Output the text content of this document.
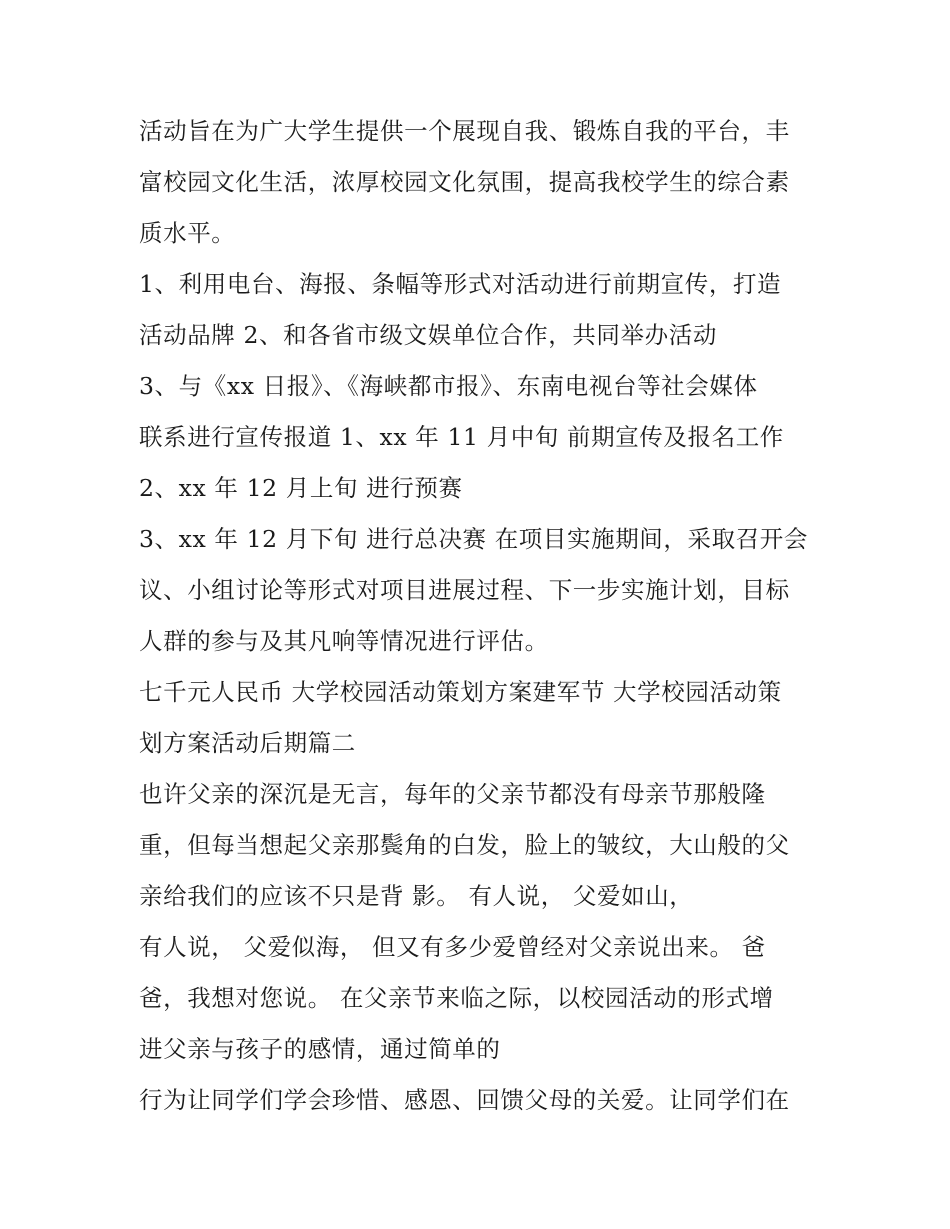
活动旨在为广大学生提供一个展现自我、锻炼自我的平台，丰
富校园文化生活，浓厚校园文化氛围，提高我校学生的综合素
质水平。
1、利用电台、海报、条幅等形式对活动进行前期宣传，打造
活动品牌 2、和各省市级文娱单位合作，共同举办活动
3、与《xx 日报》、《海峡都市报》、东南电视台等社会媒体
联系进行宣传报道 1、xx 年 11 月中旬 前期宣传及报名工作
2、xx 年 12 月上旬 进行预赛
3、xx 年 12 月下旬 进行总决赛 在项目实施期间，采取召开会
议、小组讨论等形式对项目进展过程、下一步实施计划，目标
人群的参与及其凡响等情况进行评估。
七千元人民币 大学校园活动策划方案建军节 大学校园活动策
划方案活动后期篇二
也许父亲的深沉是无言，每年的父亲节都没有母亲节那般隆
重，但每当想起父亲那鬓角的白发，脸上的皱纹，大山般的父
亲给我们的应该不只是背 影。 有人说， 父爱如山，
有人说， 父爱似海， 但又有多少爱曾经对父亲说出来。 爸
爸，我想对您说。 在父亲节来临之际，以校园活动的形式增
进父亲与孩子的感情，通过简单的
行为让同学们学会珍惜、感恩、回馈父母的关爱。让同学们在
